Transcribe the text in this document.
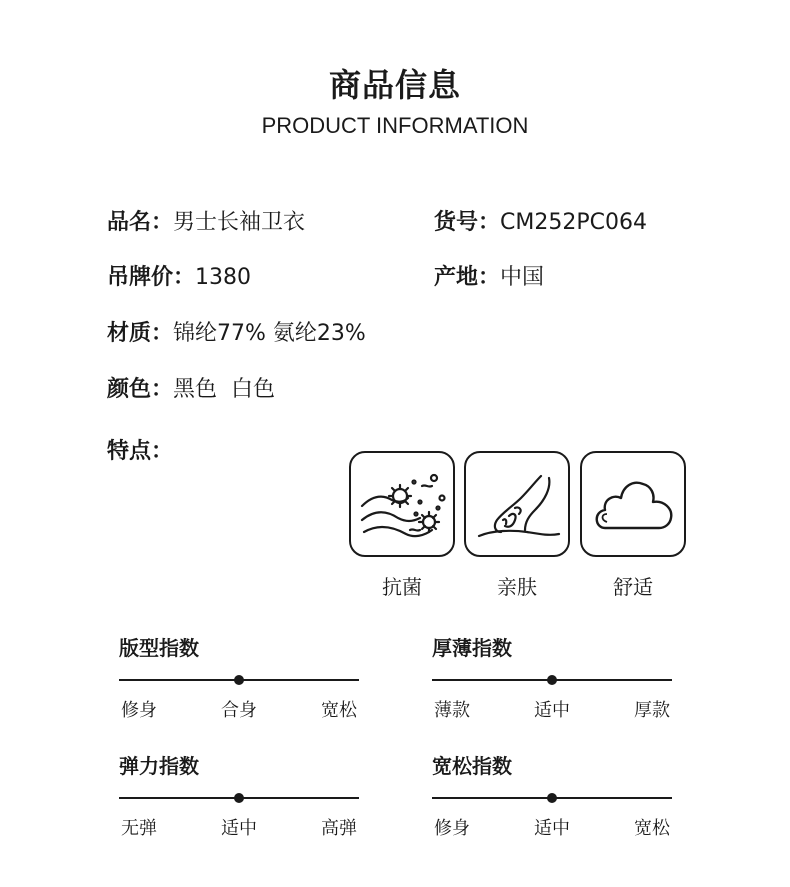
商品信息
PRODUCT INFORMATION
品名：男士长袖卫衣	货号：CM252PC064
吊牌价：1380	产地：中国
材质：锦纶77% 氨纶23%
颜色：黑色  白色
特点：
抗菌	亲肤	舒适
版型指数
修身	合身	宽松
厚薄指数
薄款	适中	厚款
弹力指数
无弹	适中	高弹
宽松指数
修身	适中	宽松
